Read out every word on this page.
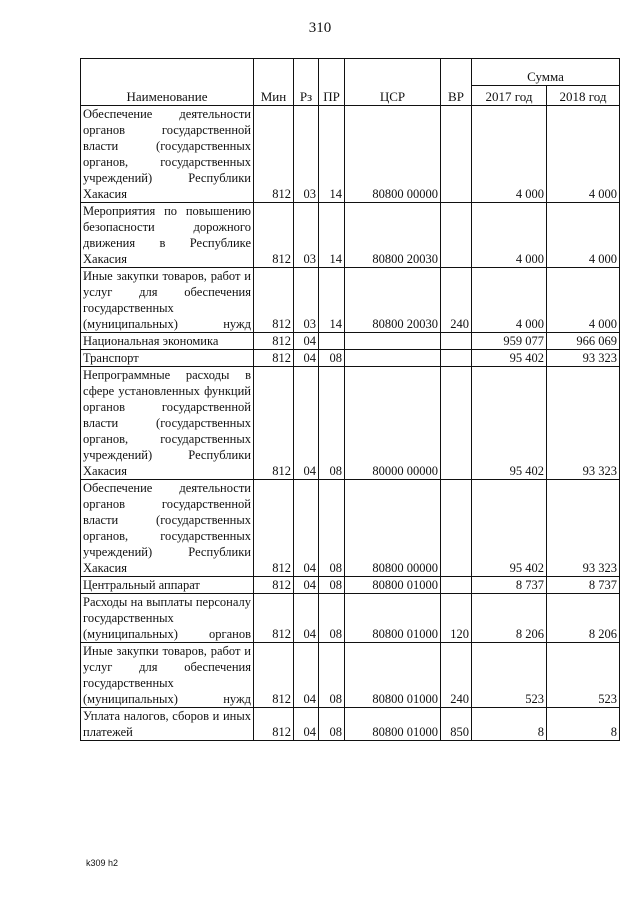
310
Наименование	Мин	Рз	ПР	ЦСР	ВР	Сумма	
						2017 год	2018 год
Обеспечение деятельности органов государственной власти (государственных органов, государственных учреждений) Республики Хакасия	812	03	14	80800 00000		4 000	4 000
Мероприятия по повышению безопасности дорожного движения в Республике Хакасия	812	03	14	80800 20030		4 000	4 000
Иные закупки товаров, работ и услуг для обеспечения государственных (муниципальных) нужд	812	03	14	80800 20030	240	4 000	4 000
Национальная экономика	812	04				959 077	966 069
Транспорт	812	04	08			95 402	93 323
Непрограммные расходы в сфере установленных функций органов государственной власти (государственных органов, государственных учреждений) Республики Хакасия	812	04	08	80000 00000		95 402	93 323
Обеспечение деятельности органов государственной власти (государственных органов, государственных учреждений) Республики Хакасия	812	04	08	80800 00000		95 402	93 323
Центральный аппарат	812	04	08	80800 01000		8 737	8 737
Расходы на выплаты персоналу государственных (муниципальных) органов	812	04	08	80800 01000	120	8 206	8 206
Иные закупки товаров, работ и услуг для обеспечения государственных (муниципальных) нужд	812	04	08	80800 01000	240	523	523
Уплата налогов, сборов и иных платежей	812	04	08	80800 01000	850	8	8
k309 h2
